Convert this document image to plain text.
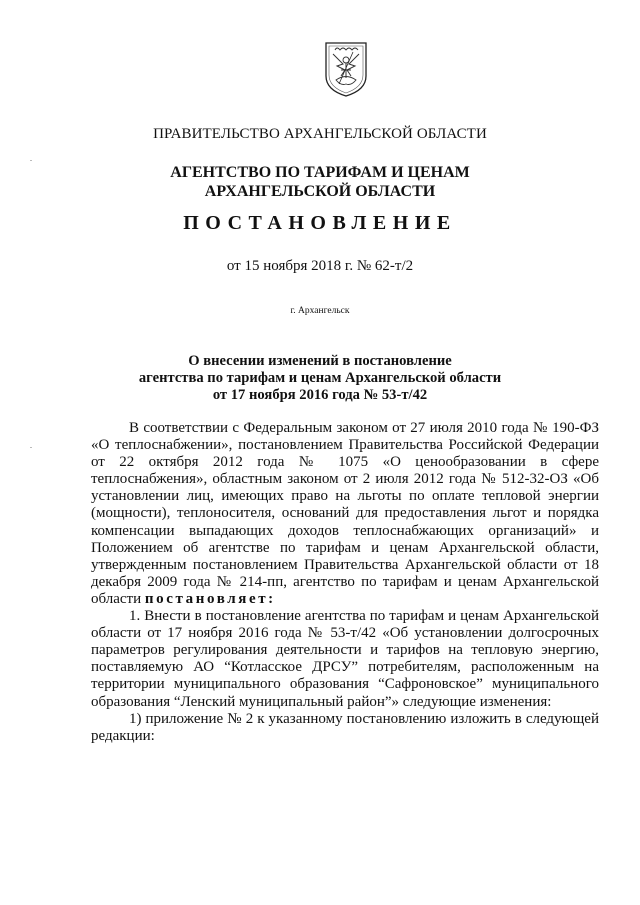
ПРАВИТЕЛЬСТВО АРХАНГЕЛЬСКОЙ ОБЛАСТИ
АГЕНТСТВО ПО ТАРИФАМ И ЦЕНАМ
АРХАНГЕЛЬСКОЙ ОБЛАСТИ
ПОСТАНОВЛЕНИЕ
от 15 ноября 2018 г. № 62-т/2
г. Архангельск
О внесении изменений в постановление
агентства по тарифам и ценам Архангельской области
от 17 ноября 2016 года № 53-т/42

В соответствии с Федеральным законом от 27 июля 2010 года № 190-ФЗ «О теплоснабжении», постановлением Правительства Российской Федерации от 22 октября 2012 года № 1075 «О ценообразовании в сфере теплоснабжения», областным законом от 2 июля 2012 года № 512-32-ОЗ «Об установлении лиц, имеющих право на льготы по оплате тепловой энергии (мощности), теплоносителя, оснований для предоставления льгот и порядка компенсации выпадающих доходов теплоснабжающих организаций» и Положением об агентстве по тарифам и ценам Архангельской области, утвержденным постановлением Правительства Архангельской области от 18 декабря 2009 года № 214-пп, агентство по тарифам и ценам Архангельской области постановляет:

1. Внести в постановление агентства по тарифам и ценам Архангельской области от 17 ноября 2016 года № 53-т/42 «Об установлении долгосрочных параметров регулирования деятельности и тарифов на тепловую энергию, поставляемую АО “Котласское ДРСУ” потребителям, расположенным на территории муниципального образования “Сафроновское” муниципального образования “Ленский муниципальный район”» следующие изменения:

1) приложение № 2 к указанному постановлению изложить в следующей редакции:
